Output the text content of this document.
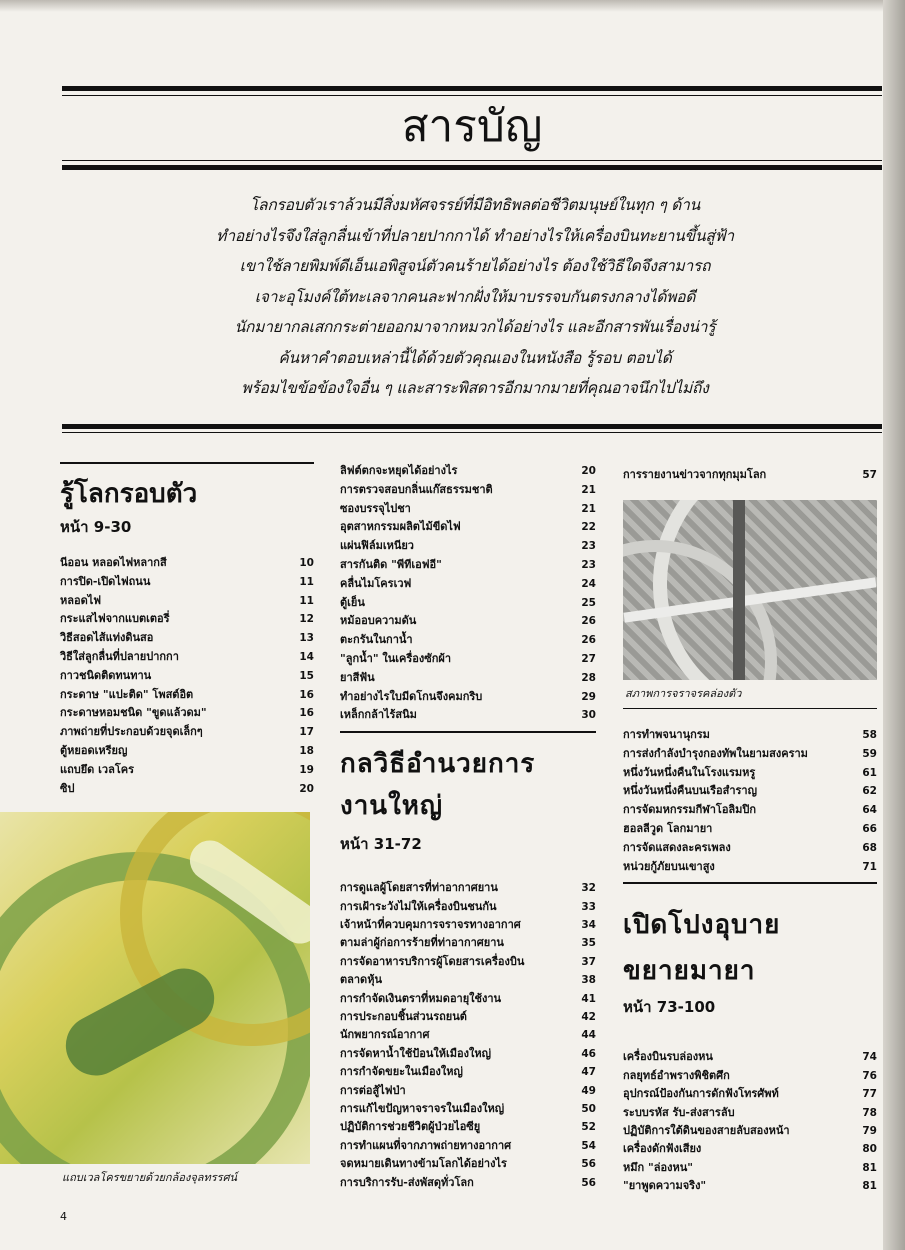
สารบัญ

โลกรอบตัวเราล้วนมีสิ่งมหัศจรรย์ที่มีอิทธิพลต่อชีวิตมนุษย์ในทุก ๆ ด้าน

ทำอย่างไรจึงใส่ลูกลื่นเข้าที่ปลายปากกาได้ ทำอย่างไรให้เครื่องบินทะยานขึ้นสู่ฟ้า

เขาใช้ลายพิมพ์ดีเอ็นเอพิสูจน์ตัวคนร้ายได้อย่างไร ต้องใช้วิธีใดจึงสามารถ

เจาะอุโมงค์ใต้ทะเลจากคนละฟากฝั่งให้มาบรรจบกันตรงกลางได้พอดี

นักมายากลเสกกระต่ายออกมาจากหมวกได้อย่างไร และอีกสารพันเรื่องน่ารู้

ค้นหาคำตอบเหล่านี้ได้ด้วยตัวคุณเองในหนังสือ รู้รอบ ตอบได้

พร้อมไขข้อข้องใจอื่น ๆ และสาระพิสดารอีกมากมายที่คุณอาจนึกไปไม่ถึง

รู้โลกรอบตัว
หน้า 9-30
นีออน หลอดไฟหลากสี	10
การปิด-เปิดไฟถนน	11
หลอดไฟ	11
กระแสไฟจากแบตเตอรี่	12
วิธีสอดไส้แท่งดินสอ	13
วิธีใส่ลูกลื่นที่ปลายปากกา	14
กาวชนิดติดทนทาน	15
กระดาษ "แปะติด" โพสต์อิต	16
กระดาษหอมชนิด "ขูดแล้วดม"	16
ภาพถ่ายที่ประกอบด้วยจุดเล็กๆ	17
ตู้หยอดเหรียญ	18
แถบยึด เวลโคร	19
ซิป	20
แถบเวลโครขยายด้วยกล้องจุลทรรศน์
ลิฟต์ตกจะหยุดได้อย่างไร	20
การตรวจสอบกลิ่นแก๊สธรรมชาติ	21
ซองบรรจุไปชา	21
อุตสาหกรรมผลิตไม้ขีดไฟ	22
แผ่นฟิล์มเหนียว	23
สารกันติด "พีทีเอฟอี"	23
คลื่นไมโครเวฟ	24
ตู้เย็น	25
หม้ออบความดัน	26
ตะกรันในกาน้ำ	26
"ลูกน้ำ" ในเครื่องซักผ้า	27
ยาสีฟัน	28
ทำอย่างไรใบมีดโกนจึงคมกริบ	29
เหล็กกล้าไร้สนิม	30
กลวิธีอำนวยการ
งานใหญ่
หน้า 31-72
การดูแลผู้โดยสารที่ท่าอากาศยาน	32
การเฝ้าระวังไม่ให้เครื่องบินชนกัน	33
เจ้าหน้าที่ควบคุมการจราจรทางอากาศ	34
ตามล่าผู้ก่อการร้ายที่ท่าอากาศยาน	35
การจัดอาหารบริการผู้โดยสารเครื่องบิน	37
ตลาดหุ้น	38
การกำจัดเงินตราที่หมดอายุใช้งาน	41
การประกอบชิ้นส่วนรถยนต์	42
นักพยากรณ์อากาศ	44
การจัดหาน้ำใช้ป้อนให้เมืองใหญ่	46
การกำจัดขยะในเมืองใหญ่	47
การต่อสู้ไฟป่า	49
การแก้ไขปัญหาจราจรในเมืองใหญ่	50
ปฏิบัติการช่วยชีวิตผู้ป่วยไอซียู	52
การทำแผนที่จากภาพถ่ายทางอากาศ	54
จดหมายเดินทางข้ามโลกได้อย่างไร	56
การบริการรับ-ส่งพัสดุทั่วโลก	56
การรายงานข่าวจากทุกมุมโลก	57
สภาพการจราจรคล่องตัว
การทำพจนานุกรม	58
การส่งกำลังบำรุงกองทัพในยามสงคราม	59
หนึ่งวันหนึ่งคืนในโรงแรมหรู	61
หนึ่งวันหนึ่งคืนบนเรือสำราญ	62
การจัดมหกรรมกีฬาโอลิมปิก	64
ฮอลลีวูด โลกมายา	66
การจัดแสดงละครเพลง	68
หน่วยกู้ภัยบนเขาสูง	71
เปิดโปงอุบาย
ขยายมายา
หน้า 73-100
เครื่องบินรบล่องหน	74
กลยุทธ์อำพรางพิชิตศึก	76
อุปกรณ์ป้องกันการดักฟังโทรศัพท์	77
ระบบรหัส รับ-ส่งสารลับ	78
ปฏิบัติการใต้ดินของสายลับสองหน้า	79
เครื่องดักฟังเสียง	80
หมึก "ล่องหน"	81
"ยาพูดความจริง"	81
4
